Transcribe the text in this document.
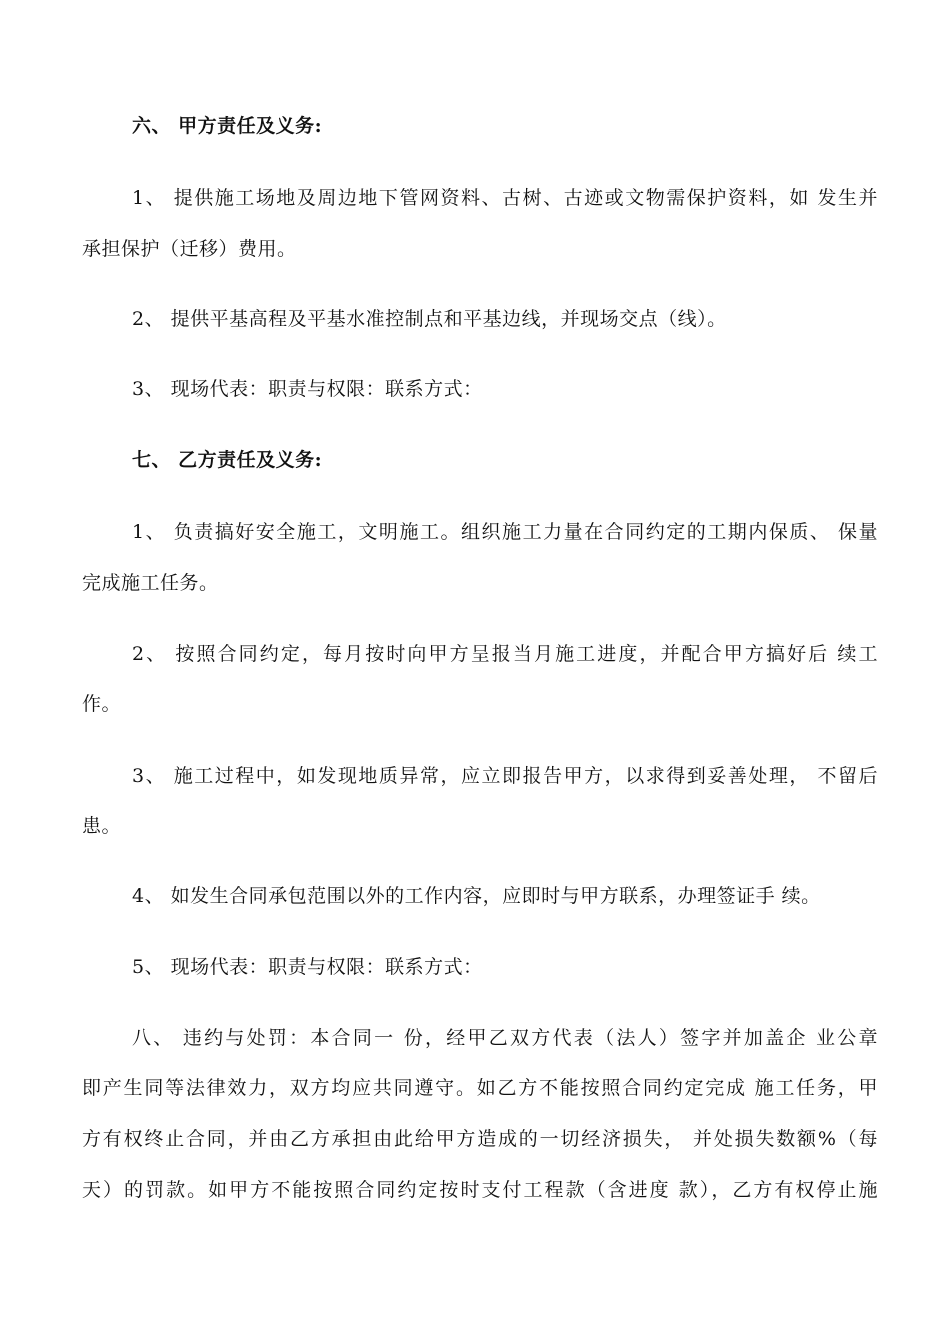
六、 甲方责任及义务:
1、 提供施工场地及周边地下管网资料、古树、古迹或文物需保护资料，如 发生并
承担保护（迁移）费用。
2、 提供平基高程及平基水准控制点和平基边线，并现场交点（线）。
3、 现场代表：职责与权限：联系方式：
七、 乙方责任及义务:
1、 负责搞好安全施工，文明施工。组织施工力量在合同约定的工期内保质、 保量
完成施工任务。
2、 按照合同约定，每月按时向甲方呈报当月施工进度，并配合甲方搞好后 续工
作。
3、 施工过程中，如发现地质异常，应立即报告甲方，以求得到妥善处理， 不留后
患。
4、 如发生合同承包范围以外的工作内容，应即时与甲方联系，办理签证手 续。
5、 现场代表：职责与权限：联系方式：
八、 违约与处罚：本合同一 份，经甲乙双方代表（法人）签字并加盖企 业公章
即产生同等法律效力，双方均应共同遵守。如乙方不能按照合同约定完成 施工任务，甲
方有权终止合同，并由乙方承担由此给甲方造成的一切经济损失， 并处损失数额%（每
天）的罚款。如甲方不能按照合同约定按时支付工程款（含进度 款），乙方有权停止施
